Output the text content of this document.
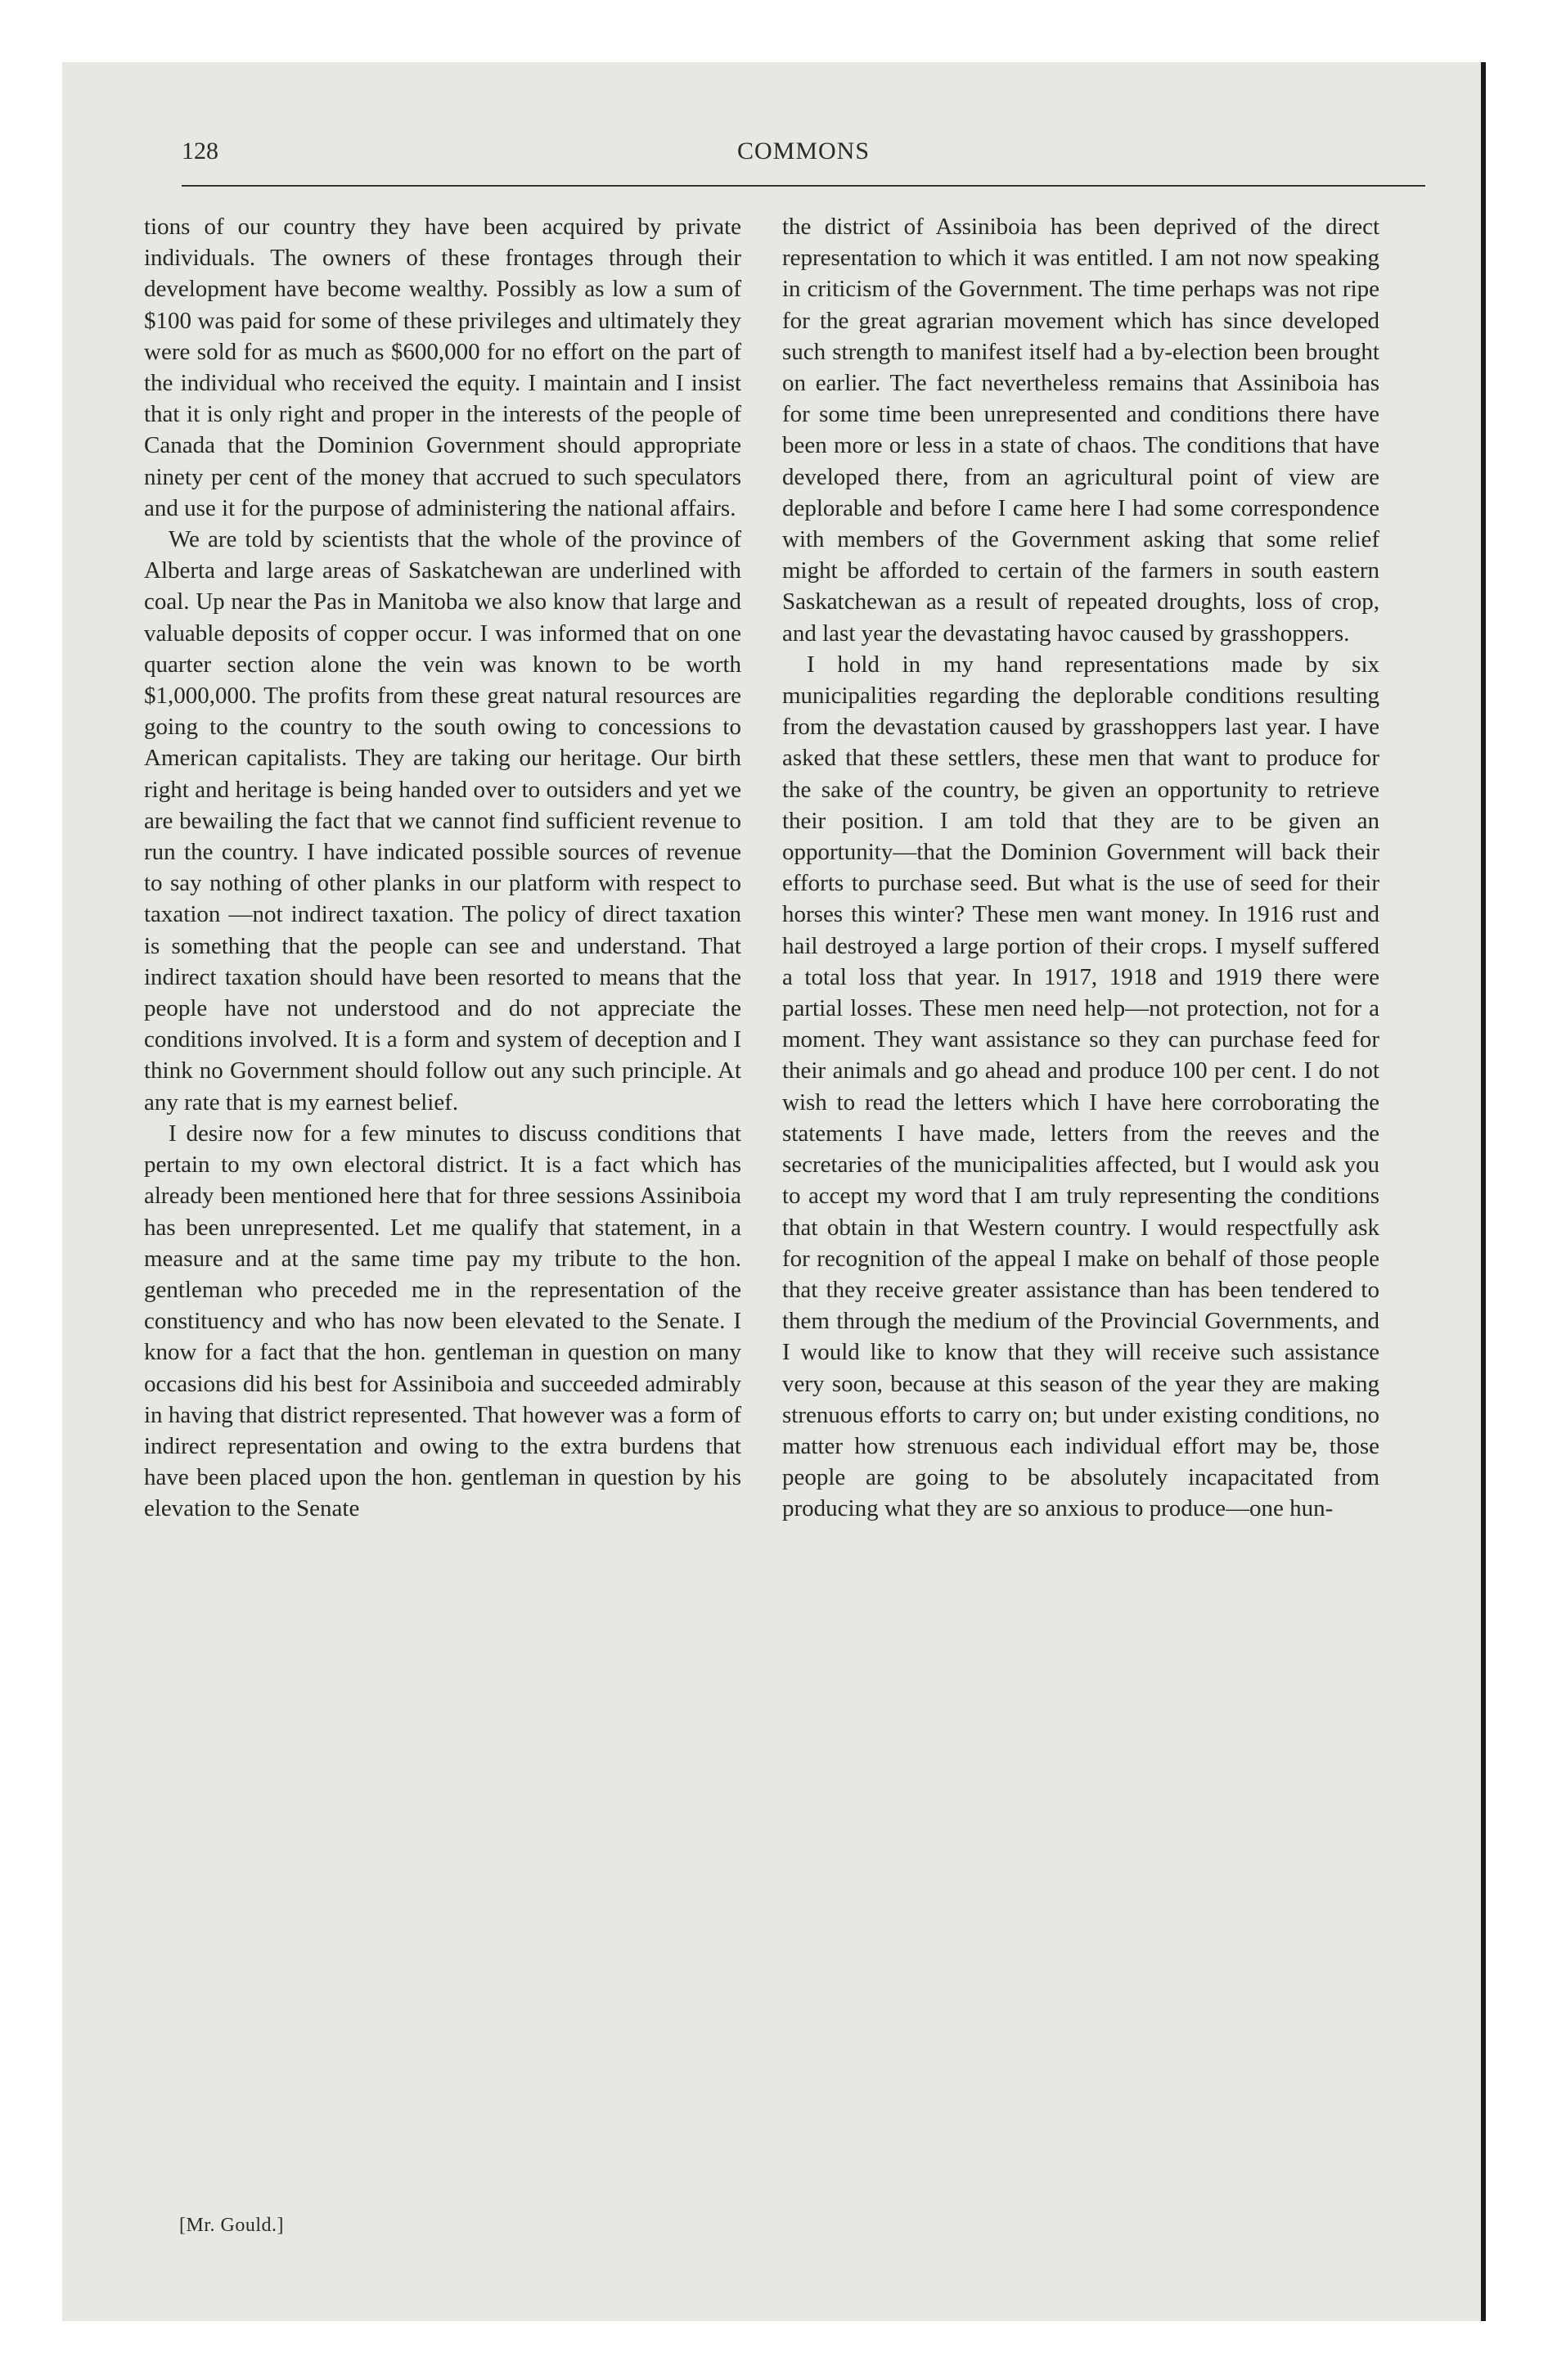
128	COMMONS

tions of our country they have been acquired by private individuals. The owners of these frontages through their development have become wealthy. Possibly as low a sum of $100 was paid for some of these privileges and ultimately they were sold for as much as $600,000 for no effort on the part of the individual who received the equity. I maintain and I insist that it is only right and proper in the interests of the people of Canada that the Dominion Government should appropriate ninety per cent of the money that accrued to such speculators and use it for the purpose of administering the national affairs.

We are told by scientists that the whole of the province of Alberta and large areas of Saskatchewan are underlined with coal. Up near the Pas in Manitoba we also know that large and valuable deposits of copper occur. I was informed that on one quarter section alone the vein was known to be worth $1,000,000. The profits from these great natural resources are going to the country to the south owing to concessions to American capitalists. They are taking our heritage. Our birth right and heritage is being handed over to outsiders and yet we are bewailing the fact that we cannot find sufficient revenue to run the country. I have indicated possible sources of revenue to say nothing of other planks in our platform with respect to taxation —not indirect taxation. The policy of direct taxation is something that the people can see and understand. That indirect taxation should have been resorted to means that the people have not understood and do not appreciate the conditions involved. It is a form and system of deception and I think no Government should follow out any such principle. At any rate that is my earnest belief.

I desire now for a few minutes to discuss conditions that pertain to my own electoral district. It is a fact which has already been mentioned here that for three sessions Assiniboia has been unrepresented. Let me qualify that statement, in a measure and at the same time pay my tribute to the hon. gentleman who preceded me in the representation of the constituency and who has now been elevated to the Senate. I know for a fact that the hon. gentleman in question on many occasions did his best for Assiniboia and succeeded admirably in having that district represented. That however was a form of indirect representation and owing to the extra burdens that have been placed upon the hon. gentleman in question by his elevation to the Senate

the district of Assiniboia has been deprived of the direct representation to which it was entitled. I am not now speaking in criticism of the Government. The time perhaps was not ripe for the great agrarian movement which has since developed such strength to manifest itself had a by-election been brought on earlier. The fact nevertheless remains that Assiniboia has for some time been unrepresented and conditions there have been more or less in a state of chaos. The conditions that have developed there, from an agricultural point of view are deplorable and before I came here I had some correspondence with members of the Government asking that some relief might be afforded to certain of the farmers in south eastern Saskatchewan as a result of repeated droughts, loss of crop, and last year the devastating havoc caused by grasshoppers.

I hold in my hand representations made by six municipalities regarding the deplorable conditions resulting from the devastation caused by grasshoppers last year. I have asked that these settlers, these men that want to produce for the sake of the country, be given an opportunity to retrieve their position. I am told that they are to be given an opportunity—that the Dominion Government will back their efforts to purchase seed. But what is the use of seed for their horses this winter? These men want money. In 1916 rust and hail destroyed a large portion of their crops. I myself suffered a total loss that year. In 1917, 1918 and 1919 there were partial losses. These men need help—not protection, not for a moment. They want assistance so they can purchase feed for their animals and go ahead and produce 100 per cent. I do not wish to read the letters which I have here corroborating the statements I have made, letters from the reeves and the secretaries of the municipalities affected, but I would ask you to accept my word that I am truly representing the conditions that obtain in that Western country. I would respectfully ask for recognition of the appeal I make on behalf of those people that they receive greater assistance than has been tendered to them through the medium of the Provincial Governments, and I would like to know that they will receive such assistance very soon, because at this season of the year they are making strenuous efforts to carry on; but under existing conditions, no matter how strenuous each individual effort may be, those people are going to be absolutely incapacitated from producing what they are so anxious to produce—one hun-

[Mr. Gould.]
